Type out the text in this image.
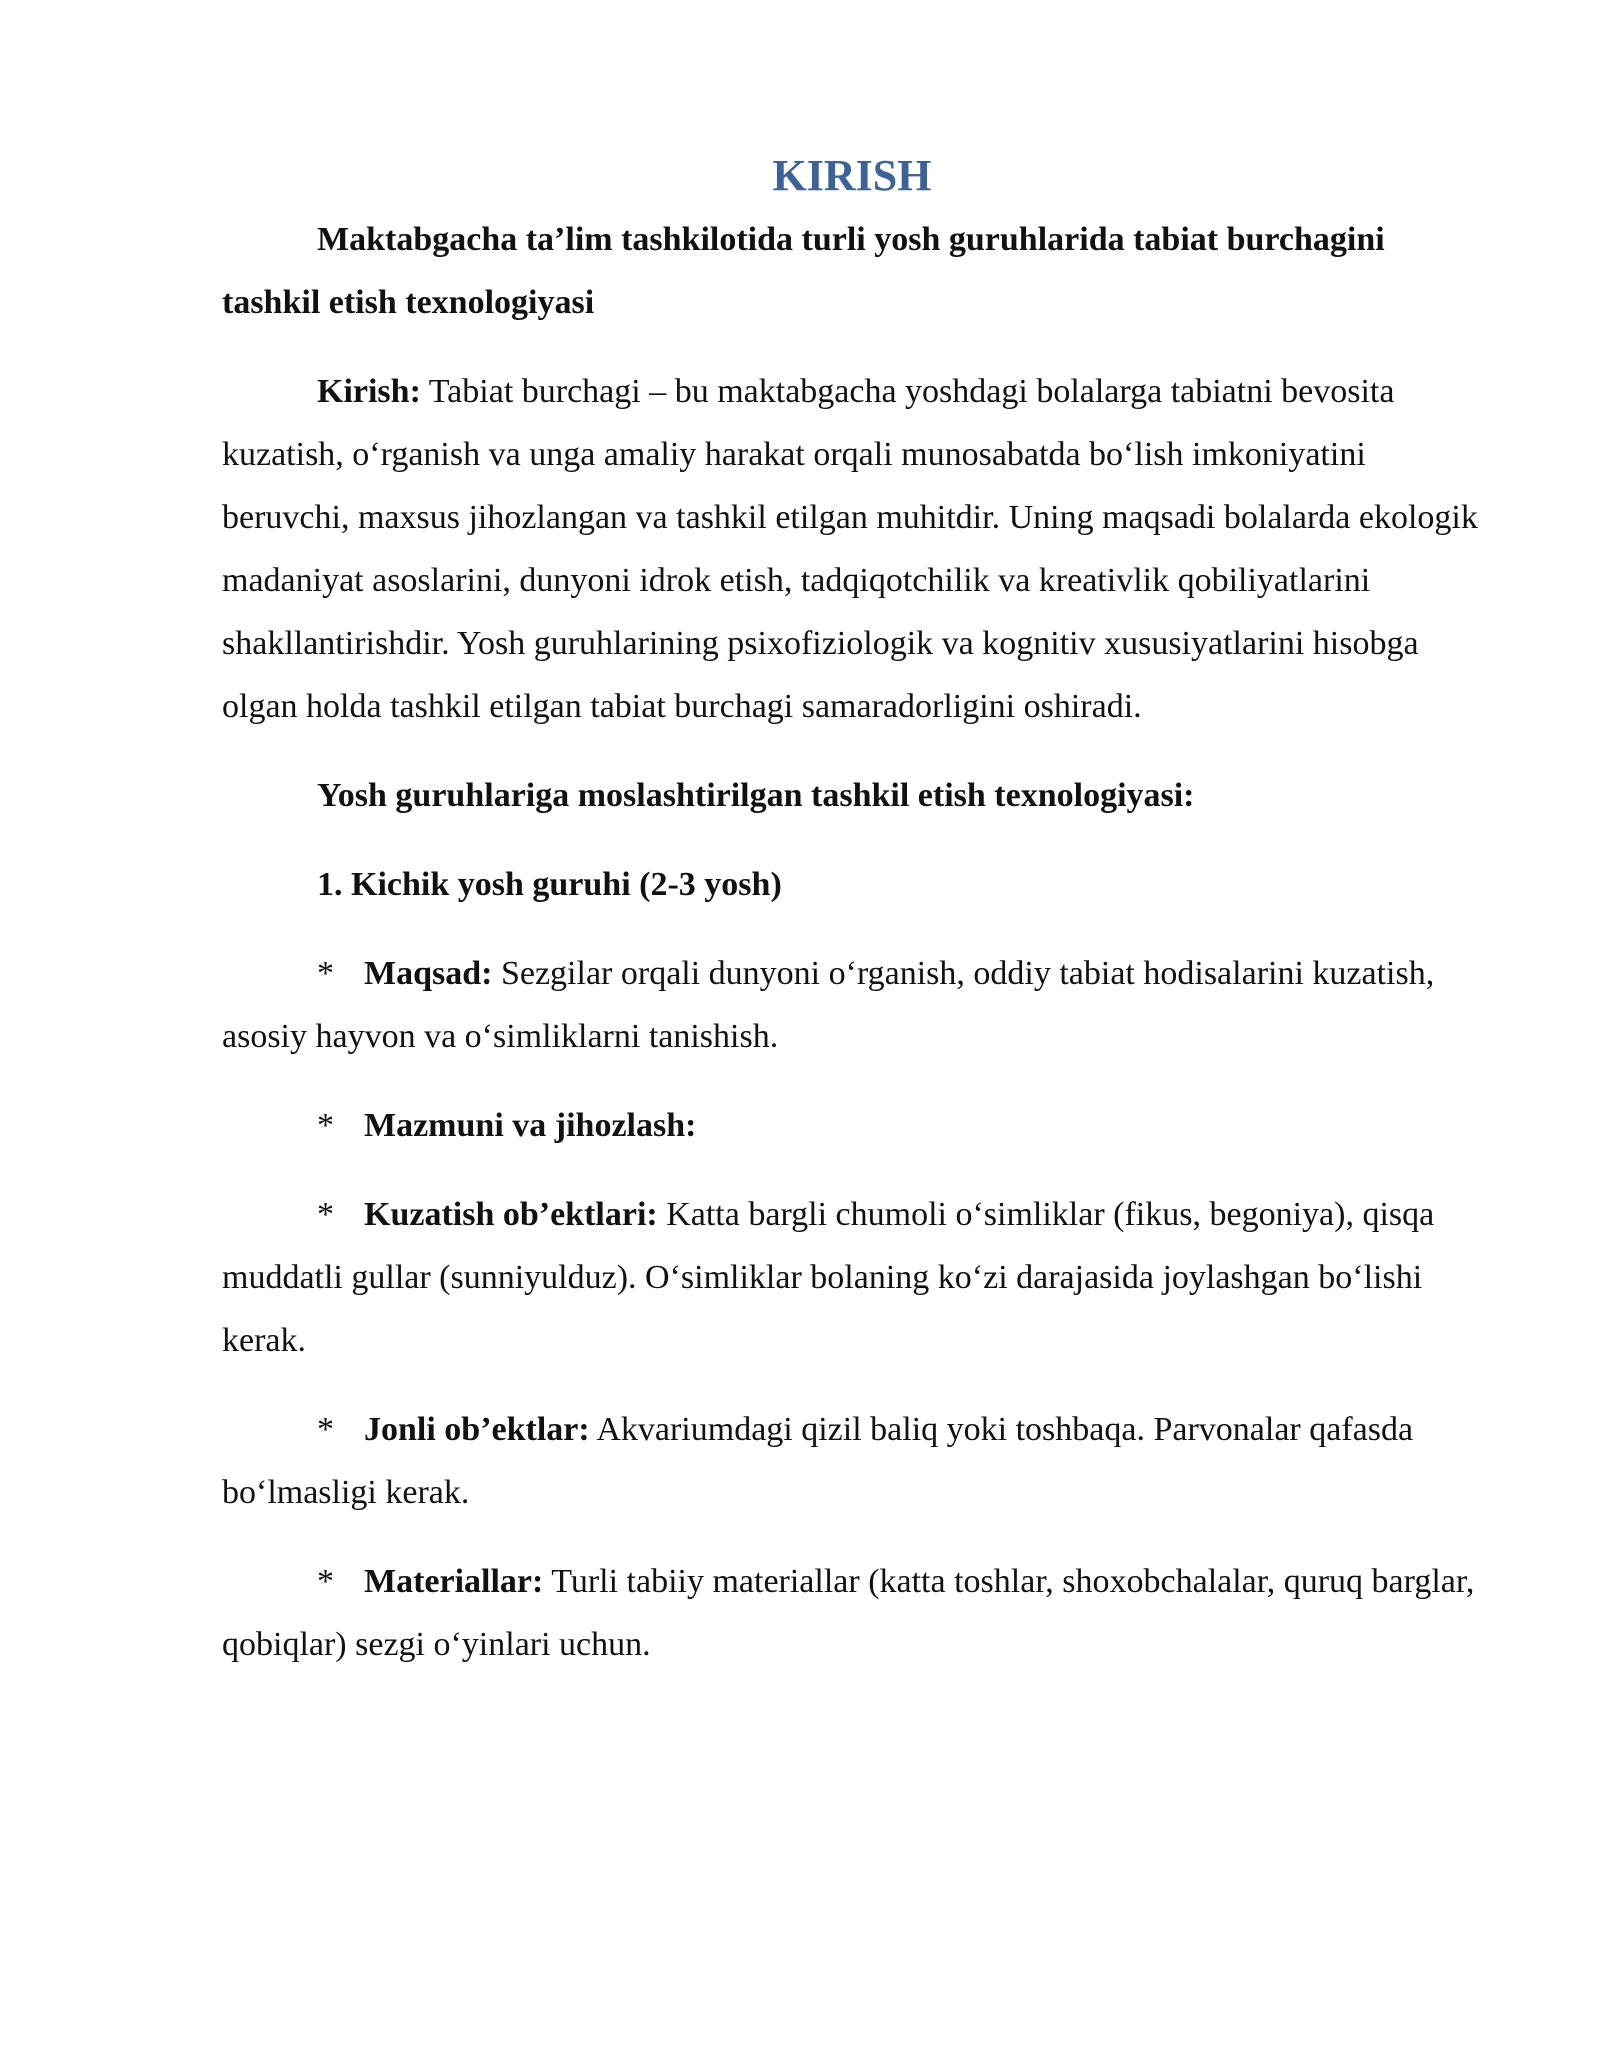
KIRISH

Maktabgacha ta’lim tashkilotida turli yosh guruhlarida tabiat burchagini tashkil etish texnologiyasi

Kirish: Tabiat burchagi – bu maktabgacha yoshdagi bolalarga tabiatni bevosita kuzatish, o‘rganish va unga amaliy harakat orqali munosabatda bo‘lish imkoniyatini beruvchi, maxsus jihozlangan va tashkil etilgan muhitdir. Uning maqsadi bolalarda ekologik madaniyat asoslarini, dunyoni idrok etish, tadqiqotchilik va kreativlik qobiliyatlarini shakllantirishdir. Yosh guruhlarining psixofiziologik va kognitiv xususiyatlarini hisobga olgan holda tashkil etilgan tabiat burchagi samaradorligini oshiradi.

Yosh guruhlariga moslashtirilgan tashkil etish texnologiyasi:

1. Kichik yosh guruhi (2-3 yosh)

* Maqsad: Sezgilar orqali dunyoni o‘rganish, oddiy tabiat hodisalarini kuzatish, asosiy hayvon va o‘simliklarni tanishish.

* Mazmuni va jihozlash:

* Kuzatish ob’ektlari: Katta bargli chumoli o‘simliklar (fikus, begoniya), qisqa muddatli gullar (sunniyulduz). O‘simliklar bolaning ko‘zi darajasida joylashgan bo‘lishi kerak.

* Jonli ob’ektlar: Akvariumdagi qizil baliq yoki toshbaqa. Parvonalar qafasda bo‘lmasligi kerak.

* Materiallar: Turli tabiiy materiallar (katta toshlar, shoxobchalalar, quruq barglar, qobiqlar) sezgi o‘yinlari uchun.
